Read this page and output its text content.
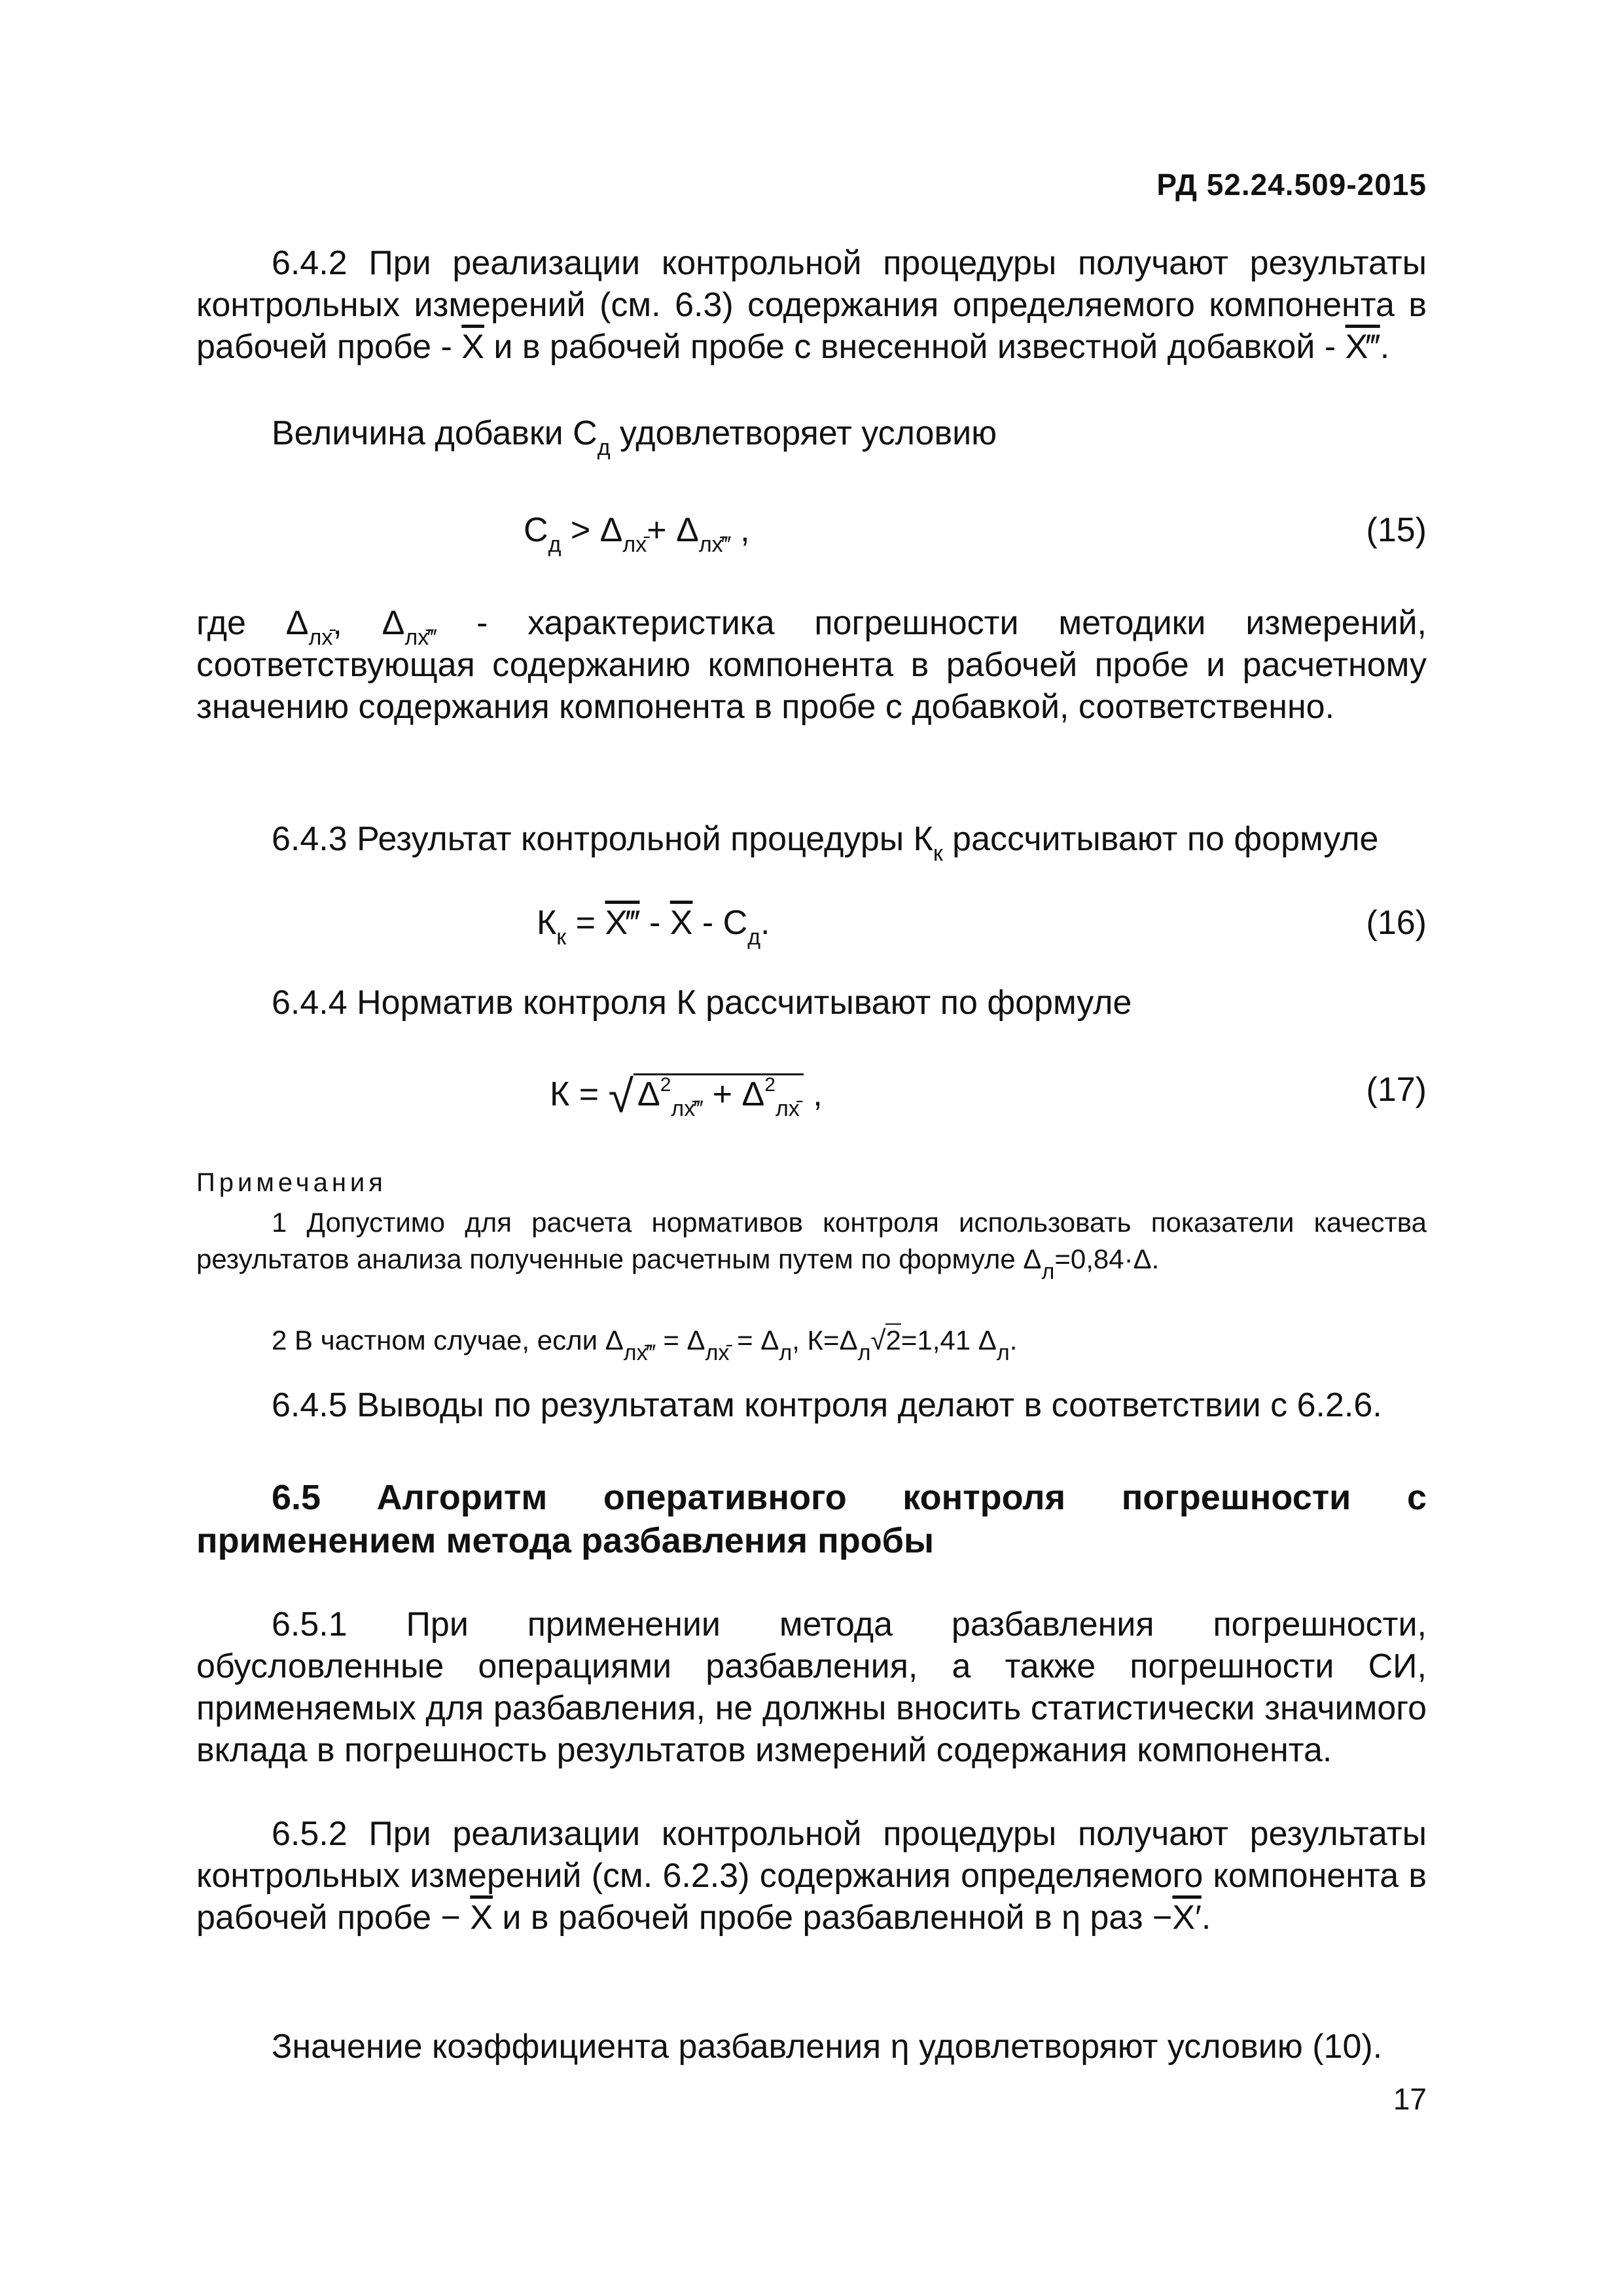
РД 52.24.509-2015
6.4.2 При реализации контрольной процедуры получают результаты контрольных измерений (см. 6.3) содержания определяемого компонента в рабочей пробе - $\overline{X}$ и в рабочей пробе с внесенной известной добавкой - X‴.
Величина добавки $С_д$ удовлетворяет условию
$С_д > \Delta_{лх̄}+ \Delta_{лх̄‴}$ ,	(15)
где $\Delta_{лх̄}$, $\Delta_{лх̄‴}$ - характеристика погрешности методики измерений, соответствующая содержанию компонента в рабочей пробе и расчетному значению содержания компонента в пробе с добавкой, соответственно.
6.4.3 Результат контрольной процедуры $К_к$ рассчитывают по формуле
$К_к$ = X‴ - $\overline{X} - С_д$.	(16)
6.4.4 Норматив контроля К рассчитывают по формуле
К = √ $\Delta^2_{лх̄‴} + \Delta^2_{лх̄}$ ,	(17)
Примечания
1 Допустимо для расчета нормативов контроля использовать показатели качества результатов анализа полученные расчетным путем по формуле $\Delta_л=0,84\cdot\Delta$.
2 В частном случае, если $\Delta_{лх̄‴} = \Delta_{лх̄} = \Delta_л$, $К=\Delta_л√2=1,41$ $\Delta_л$.
6.4.5 Выводы по результатам контроля делают в соответствии с 6.2.6.
6.5 Алгоритм оперативного контроля погрешности с применением метода разбавления пробы
6.5.1 При применении метода разбавления погрешности, обусловленные операциями разбавления, а также погрешности СИ, применяемых для разбавления, не должны вносить статистически значимого вклада в погрешность результатов измерений содержания компонента.
6.5.2 При реализации контрольной процедуры получают результаты контрольных измерений (см. 6.2.3) содержания определяемого компонента в рабочей пробе − $\overline{X}$ и в рабочей пробе разбавленной в η раз −X′.
Значение коэффициента разбавления η удовлетворяют условию (10).
17
